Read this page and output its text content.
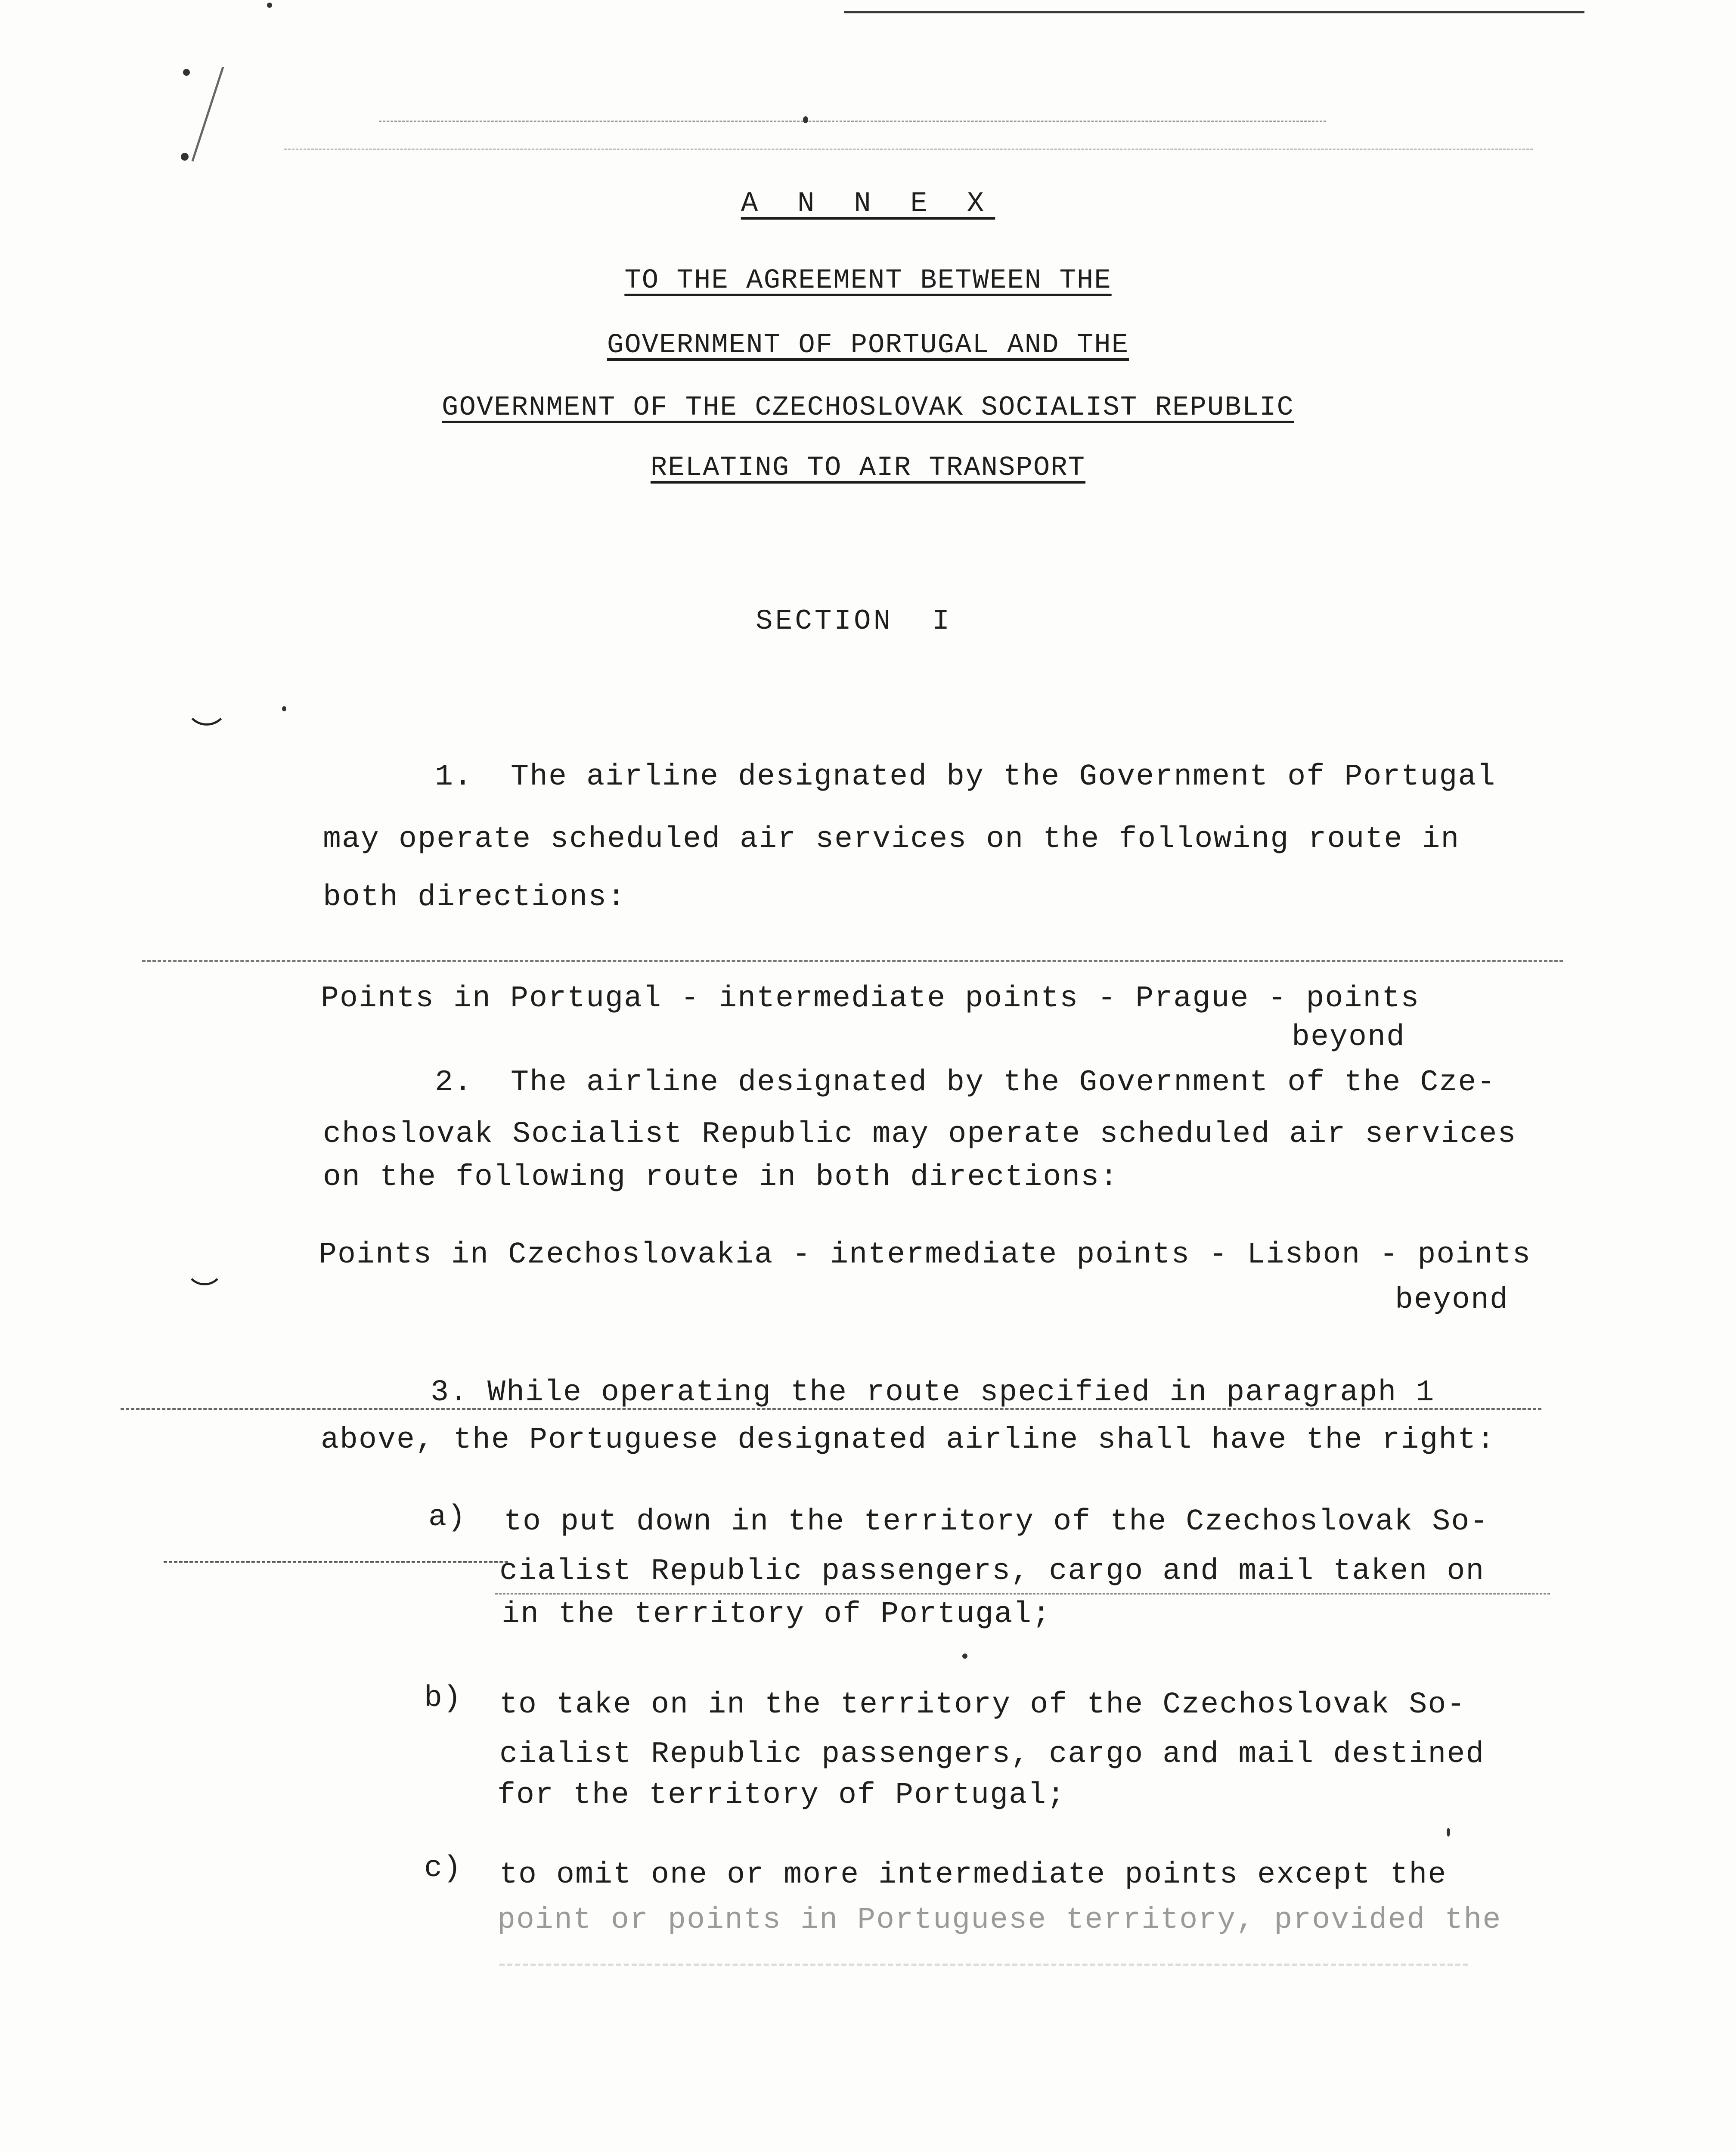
A N N E X
TO THE AGREEMENT BETWEEN THE
GOVERNMENT OF PORTUGAL AND THE
GOVERNMENT OF THE CZECHOSLOVAK SOCIALIST REPUBLIC
RELATING TO AIR TRANSPORT
SECTION  I
1.  The airline designated by the Government of Portugal
may operate scheduled air services on the following route in
both directions:
Points in Portugal - intermediate points - Prague - points
beyond
2.  The airline designated by the Government of the Cze-
choslovak Socialist Republic may operate scheduled air services
on the following route in both directions:
Points in Czechoslovakia - intermediate points - Lisbon - points
beyond
3. While operating the route specified in paragraph 1
above, the Portuguese designated airline shall have the right:
a) to put down in the territory of the Czechoslovak So-
cialist Republic passengers, cargo and mail taken on
in the territory of Portugal;
b) to take on in the territory of the Czechoslovak So-
cialist Republic passengers, cargo and mail destined
for the territory of Portugal;
c) to omit one or more intermediate points except the
point or points in Portuguese territory, provided the
